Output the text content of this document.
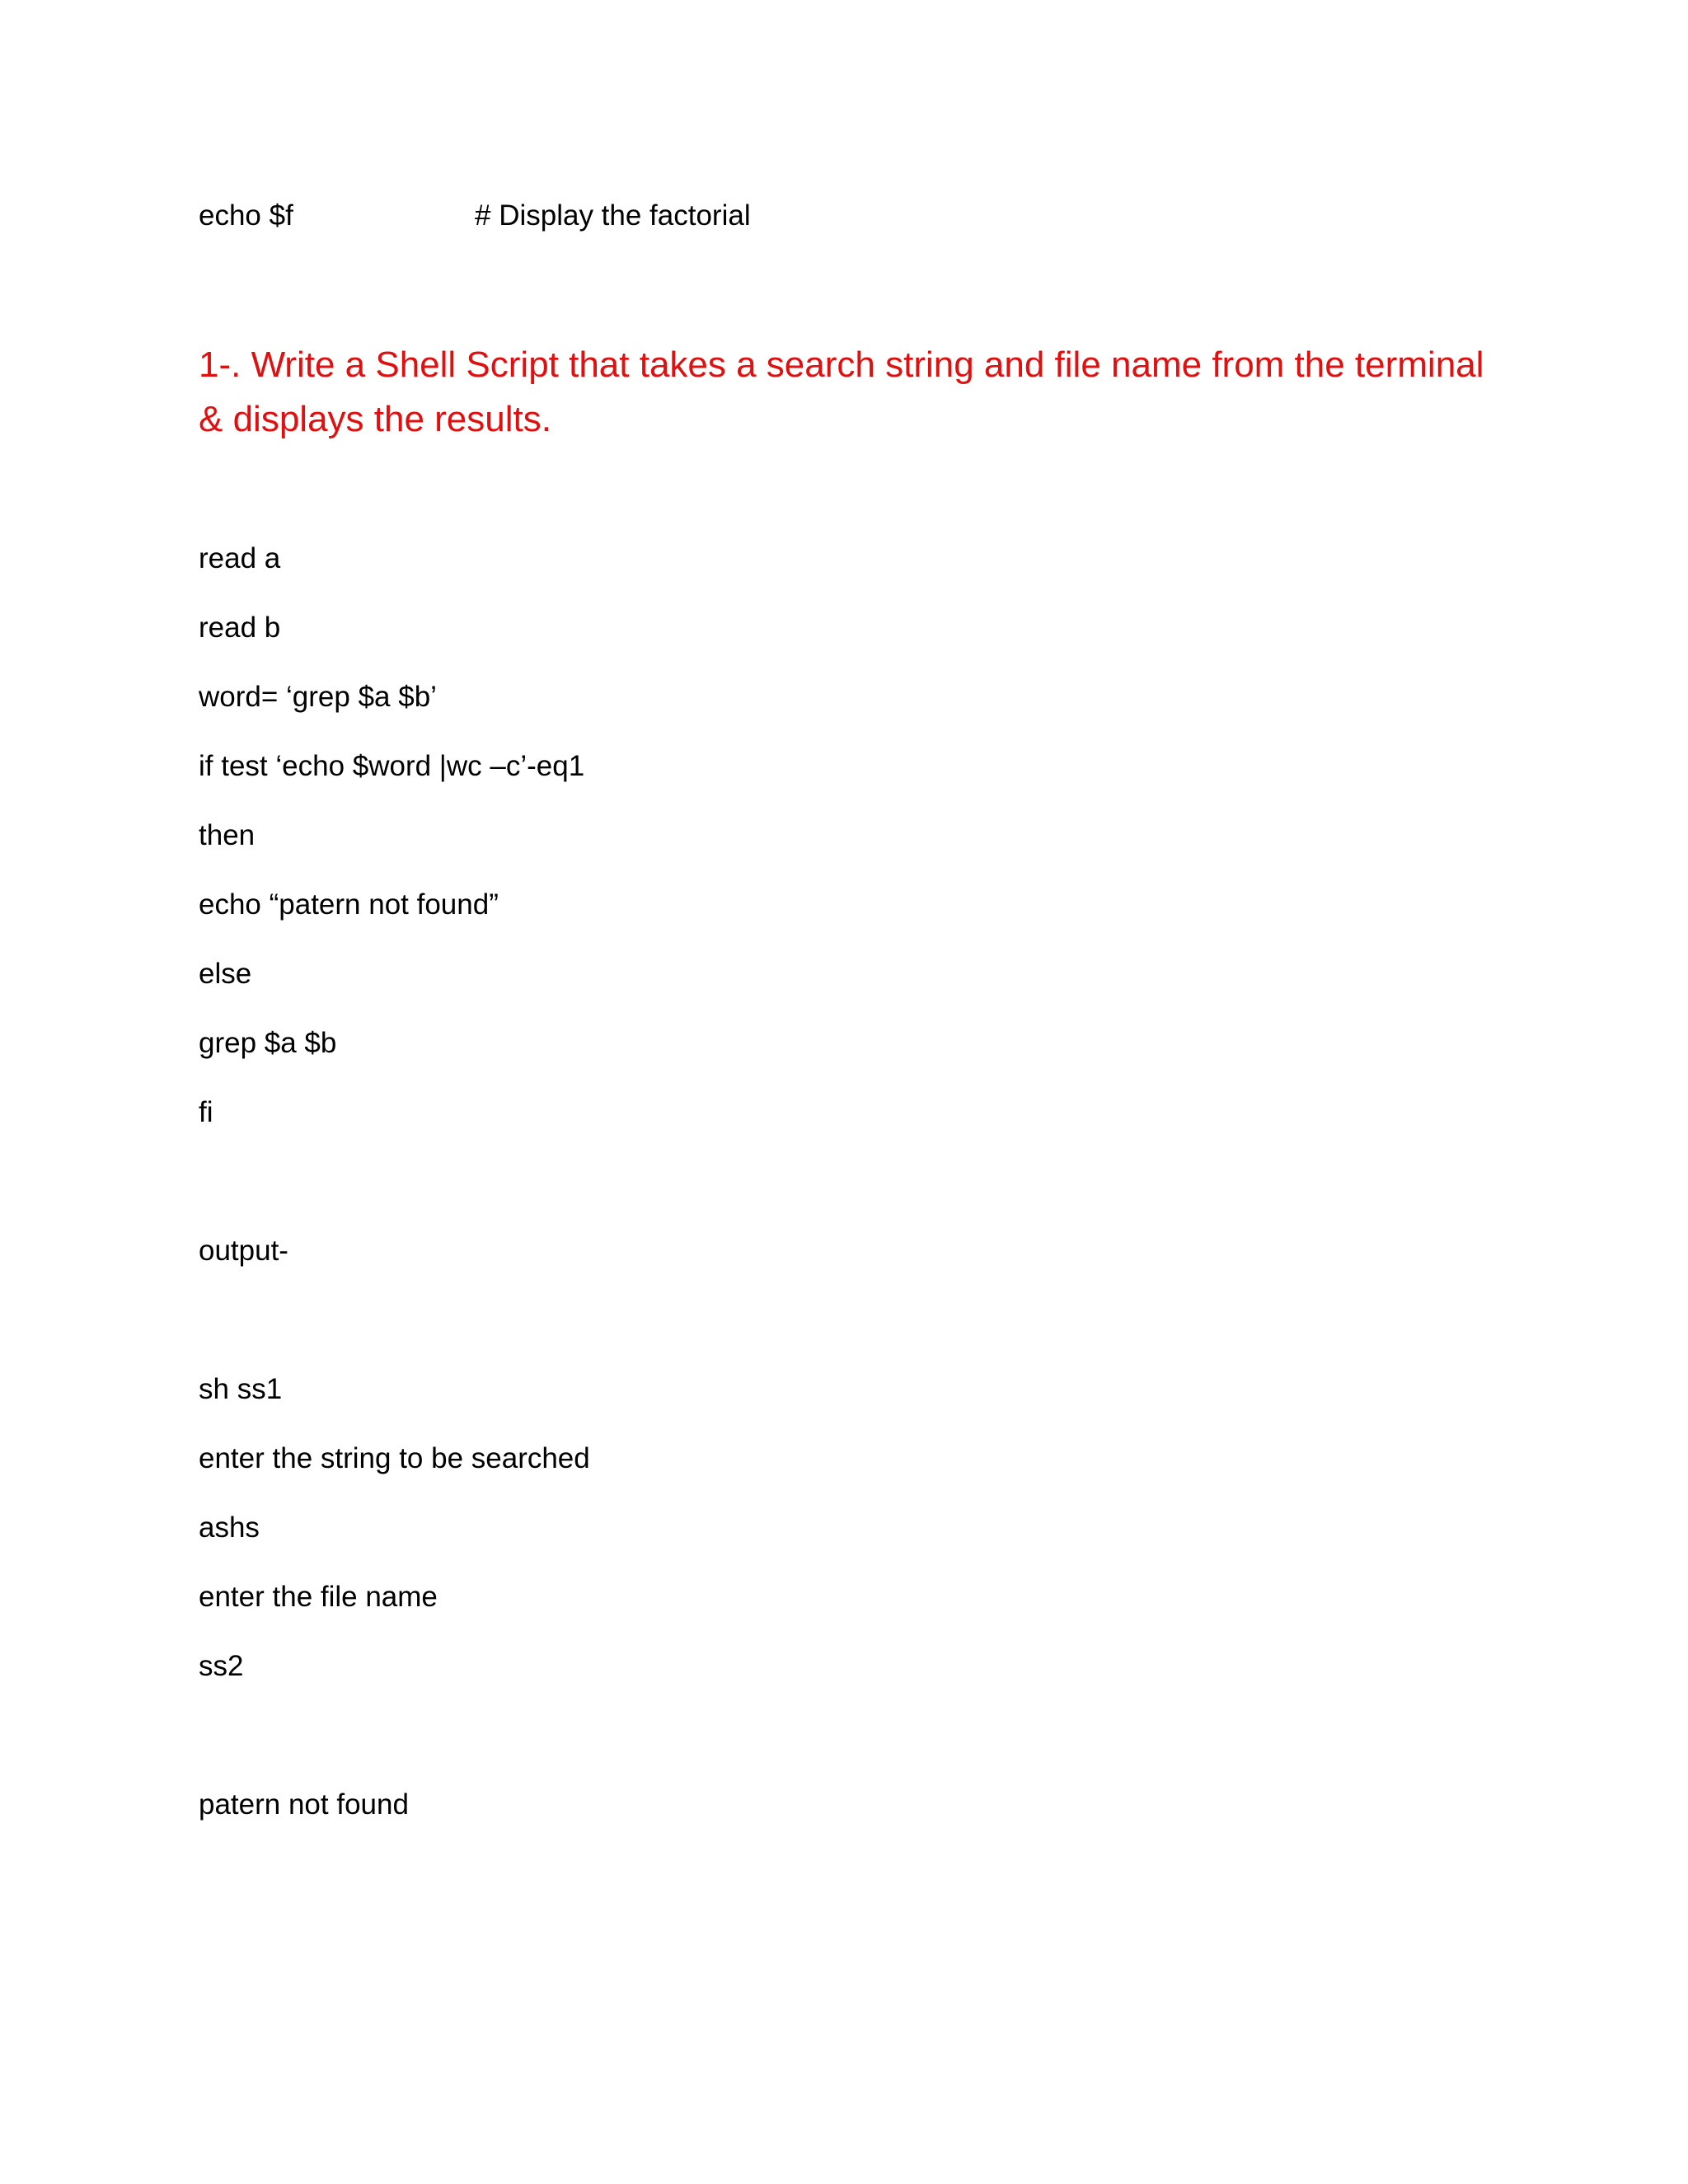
echo $f	# Display the factorial
1-. Write a Shell Script that takes a search string and file name from the terminal
& displays the results.
read a
read b
word= ‘grep $a $b’
if test ‘echo $word |wc –c’-eq1
then
echo “patern not found”
else
grep $a $b
fi
output-
sh ss1
enter the string to be searched
ashs
enter the file name
ss2
patern not found
